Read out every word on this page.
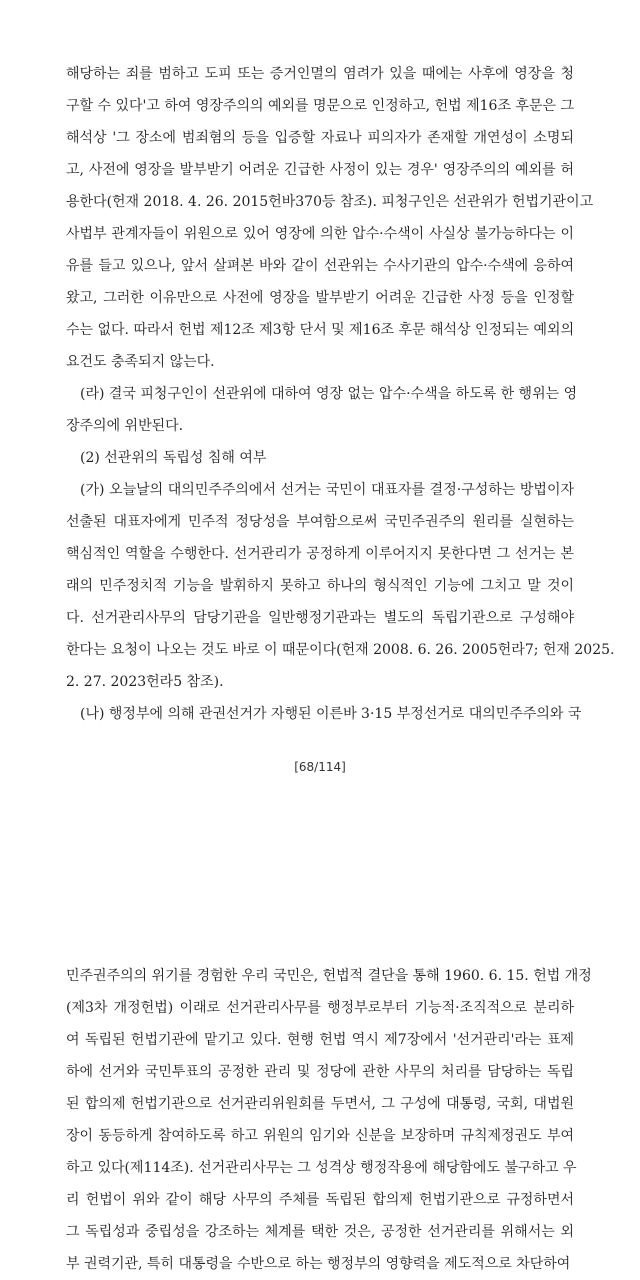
해당하는 죄를 범하고 도피 또는 증거인멸의 염려가 있을 때에는 사후에 영장을 청
구할 수 있다'고 하여 영장주의의 예외를 명문으로 인정하고, 헌법 제16조 후문은 그
해석상 '그 장소에 범죄혐의 등을 입증할 자료나 피의자가 존재할 개연성이 소명되
고, 사전에 영장을 발부받기 어려운 긴급한 사정이 있는 경우' 영장주의의 예외를 허
용한다(헌재 2018. 4. 26. 2015헌바370등 참조). 피청구인은 선관위가 헌법기관이고
사법부 관계자들이 위원으로 있어 영장에 의한 압수·수색이 사실상 불가능하다는 이
유를 들고 있으나, 앞서 살펴본 바와 같이 선관위는 수사기관의 압수·수색에 응하여
왔고, 그러한 이유만으로 사전에 영장을 발부받기 어려운 긴급한 사정 등을 인정할
수는 없다. 따라서 헌법 제12조 제3항 단서 및 제16조 후문 해석상 인정되는 예외의
요건도 충족되지 않는다.
(라) 결국 피청구인이 선관위에 대하여 영장 없는 압수·수색을 하도록 한 행위는 영
장주의에 위반된다.
(2) 선관위의 독립성 침해 여부
(가) 오늘날의 대의민주주의에서 선거는 국민이 대표자를 결정·구성하는 방법이자
선출된 대표자에게 민주적 정당성을 부여함으로써 국민주권주의 원리를 실현하는
핵심적인 역할을 수행한다. 선거관리가 공정하게 이루어지지 못한다면 그 선거는 본
래의 민주정치적 기능을 발휘하지 못하고 하나의 형식적인 기능에 그치고 말 것이
다. 선거관리사무의 담당기관을 일반행정기관과는 별도의 독립기관으로 구성해야
한다는 요청이 나오는 것도 바로 이 때문이다(헌재 2008. 6. 26. 2005헌라7; 헌재 2025.
2. 27. 2023헌라5 참조).
(나) 행정부에 의해 관권선거가 자행된 이른바 3·15 부정선거로 대의민주주의와 국
[68/114]
민주권주의의 위기를 경험한 우리 국민은, 헌법적 결단을 통해 1960. 6. 15. 헌법 개정
(제3차 개정헌법) 이래로 선거관리사무를 행정부로부터 기능적·조직적으로 분리하
여 독립된 헌법기관에 맡기고 있다. 현행 헌법 역시 제7장에서 '선거관리'라는 표제
하에 선거와 국민투표의 공정한 관리 및 정당에 관한 사무의 처리를 담당하는 독립
된 합의제 헌법기관으로 선거관리위원회를 두면서, 그 구성에 대통령, 국회, 대법원
장이 동등하게 참여하도록 하고 위원의 임기와 신분을 보장하며 규칙제정권도 부여
하고 있다(제114조). 선거관리사무는 그 성격상 행정작용에 해당함에도 불구하고 우
리 헌법이 위와 같이 해당 사무의 주체를 독립된 합의제 헌법기관으로 규정하면서
그 독립성과 중립성을 강조하는 체계를 택한 것은, 공정한 선거관리를 위해서는 외
부 권력기관, 특히 대통령을 수반으로 하는 행정부의 영향력을 제도적으로 차단하여
